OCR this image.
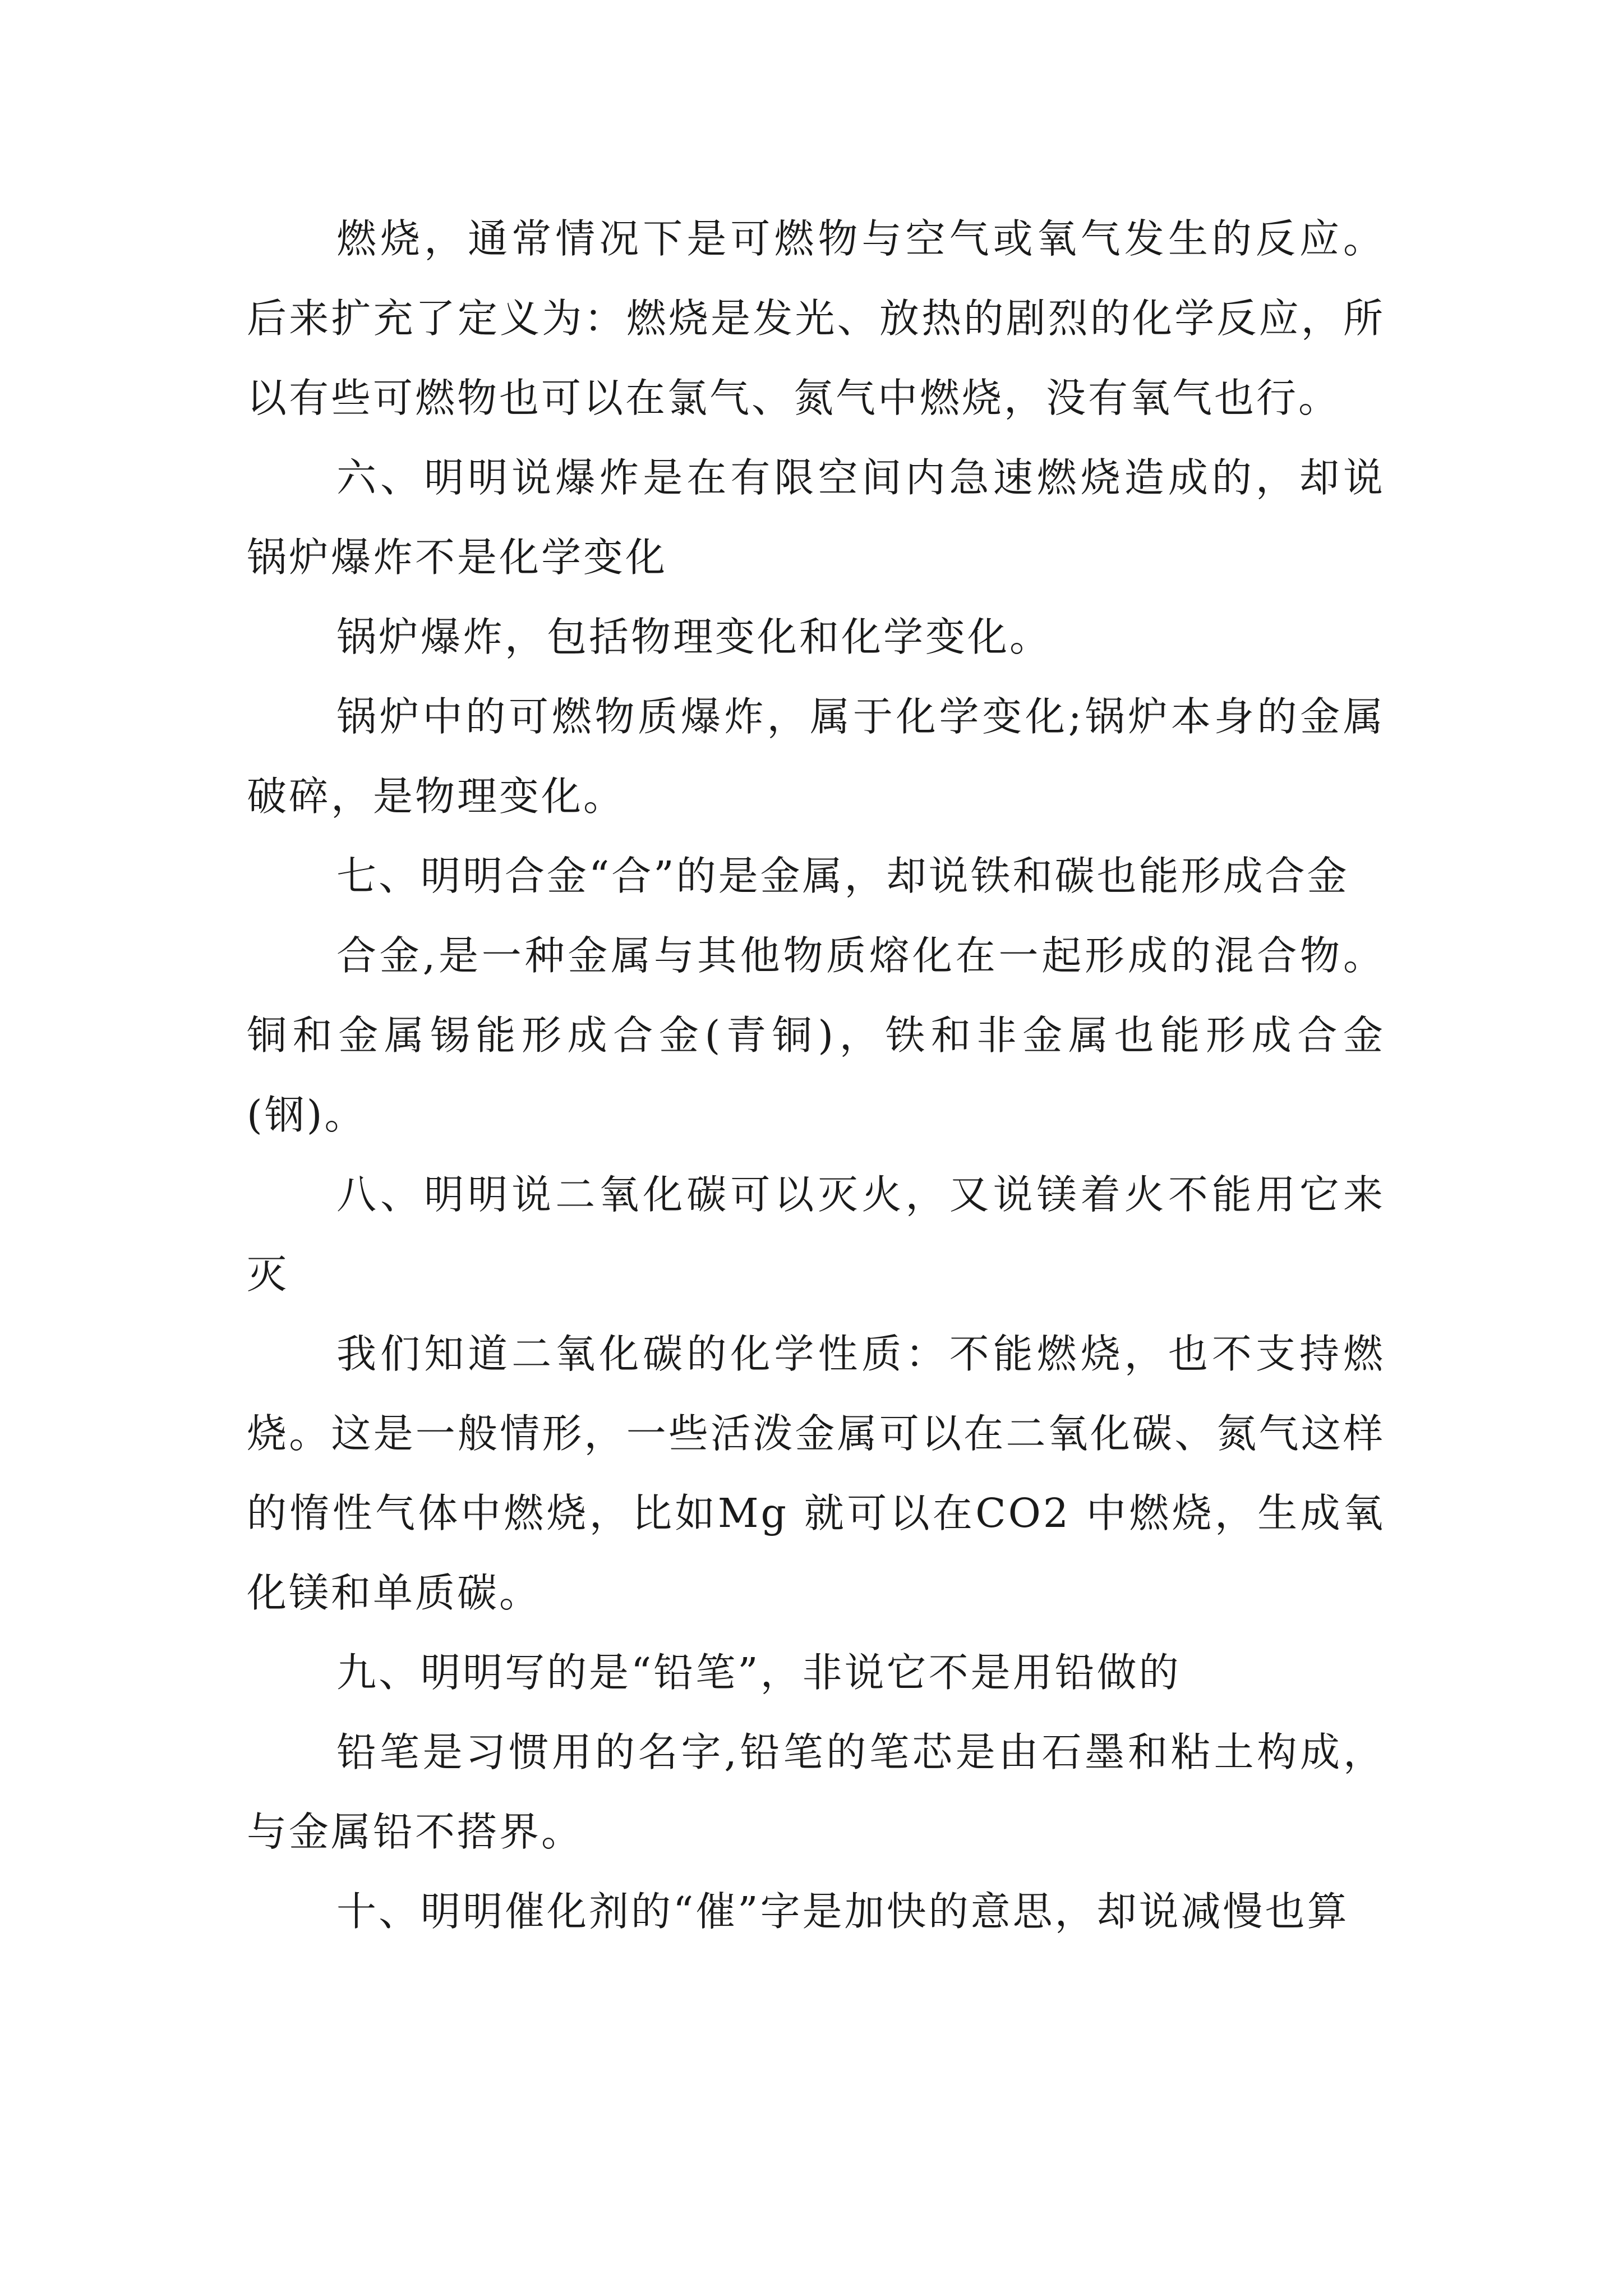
燃烧，通常情况下是可燃物与空气或氧气发生的反应。后来扩充了定义为：燃烧是发光、放热的剧烈的化学反应，所以有些可燃物也可以在氯气、氮气中燃烧，没有氧气也行。

六、明明说爆炸是在有限空间内急速燃烧造成的，却说锅炉爆炸不是化学变化

锅炉爆炸，包括物理变化和化学变化。

锅炉中的可燃物质爆炸，属于化学变化;锅炉本身的金属破碎，是物理变化。

七、明明合金“合”的是金属，却说铁和碳也能形成合金

合金,是一种金属与其他物质熔化在一起形成的混合物。铜和金属锡能形成合金(青铜)，铁和非金属也能形成合金(钢)。

八、明明说二氧化碳可以灭火，又说镁着火不能用它来灭

我们知道二氧化碳的化学性质：不能燃烧，也不支持燃烧。这是一般情形，一些活泼金属可以在二氧化碳、氮气这样的惰性气体中燃烧，比如Mg 就可以在CO2 中燃烧，生成氧化镁和单质碳。

九、明明写的是“铅笔”，非说它不是用铅做的

铅笔是习惯用的名字,铅笔的笔芯是由石墨和粘土构成，与金属铅不搭界。

十、明明催化剂的“催”字是加快的意思，却说减慢也算
